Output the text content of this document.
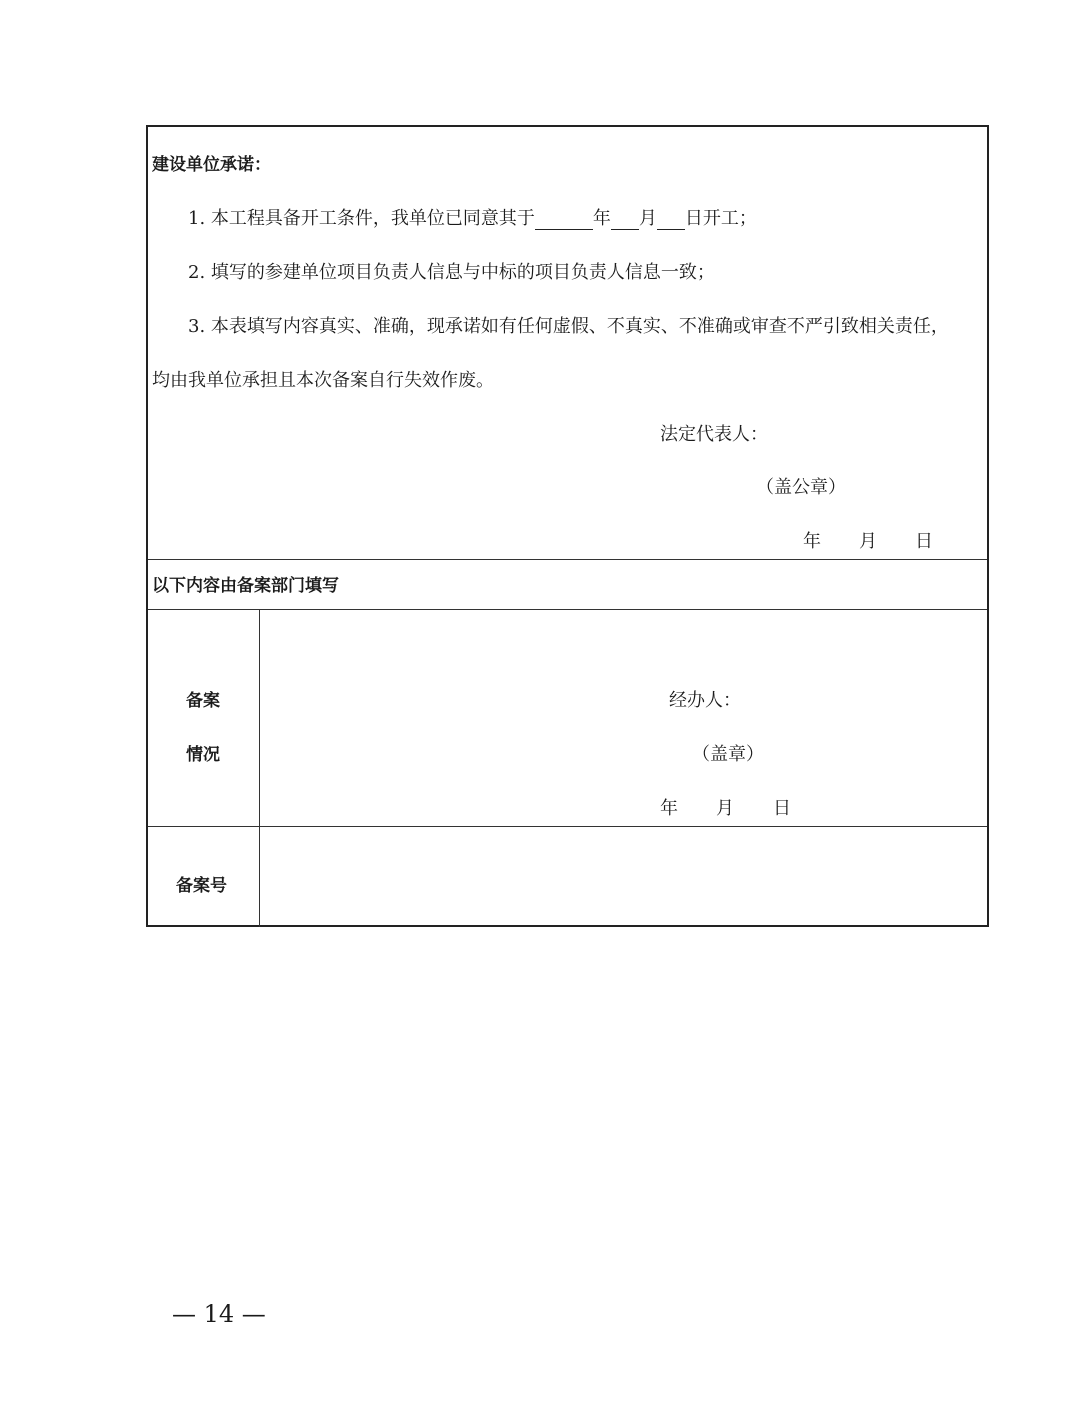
建设单位承诺：
1. 本工程具备开工条件，我单位已同意其于	年 月 日开工；
2. 填写的参建单位项目负责人信息与中标的项目负责人信息一致；
3. 本表填写内容真实、准确，现承诺如有任何虚假、不真实、不准确或审查不严引致相关责任，
均由我单位承担且本次备案自行失效作废。
法定代表人：
（盖公章）
年 月 日
以下内容由备案部门填写
备案
情况
经办人：
（盖章）
年 月 日
备案号
— 14 —
